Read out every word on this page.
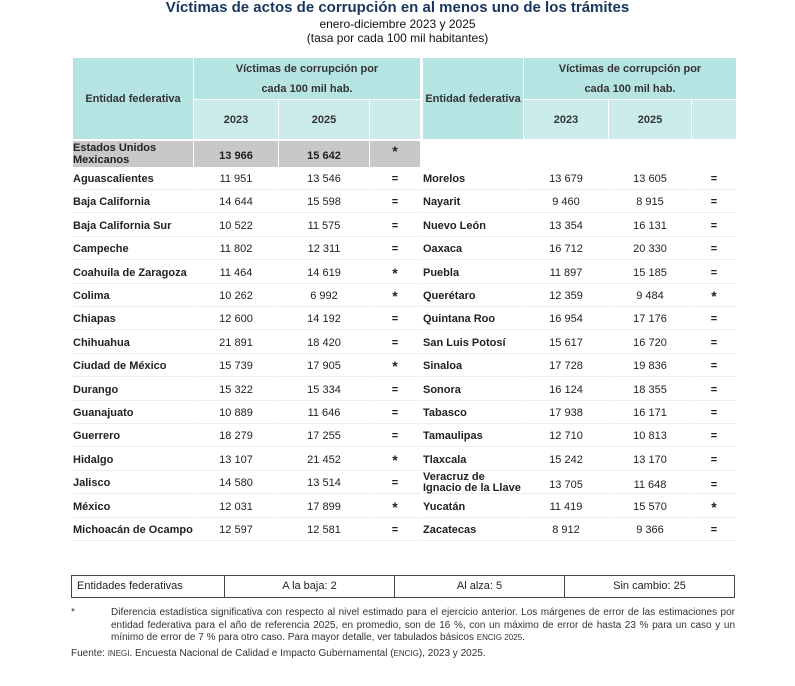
Víctimas de actos de corrupción en al menos uno de los trámites
enero-diciembre 2023 y 2025
(tasa por cada 100 mil habitantes)
Entidad federativa
Víctimas de corrupción por
cada 100 mil hab.
2023	2025
Entidad federativa
Víctimas de corrupción por
cada 100 mil hab.
2023	2025
Estados Unidos
Mexicanos	13 966	15 642	*
Aguascalientes	11 951	13 546	=
Baja California	14 644	15 598	=
Baja California Sur	10 522	11 575	=
Campeche	11 802	12 311	=
Coahuila de Zaragoza	11 464	14 619	*
Colima	10 262	6 992	*
Chiapas	12 600	14 192	=
Chihuahua	21 891	18 420	=
Ciudad de México	15 739	17 905	*
Durango	15 322	15 334	=
Guanajuato	10 889	11 646	=
Guerrero	18 279	17 255	=
Hidalgo	13 107	21 452	*
Jalisco	14 580	13 514	=
México	12 031	17 899	*
Michoacán de Ocampo	12 597	12 581	=
Morelos	13 679	13 605	=
Nayarit	9 460	8 915	=
Nuevo León	13 354	16 131	=
Oaxaca	16 712	20 330	=
Puebla	11 897	15 185	=
Querétaro	12 359	9 484	*
Quintana Roo	16 954	17 176	=
San Luis Potosí	15 617	16 720	=
Sinaloa	17 728	19 836	=
Sonora	16 124	18 355	=
Tabasco	17 938	16 171	=
Tamaulipas	12 710	10 813	=
Tlaxcala	15 242	13 170	=
Veracruz de
Ignacio de la Llave	13 705	11 648	=
Yucatán	11 419	15 570	*
Zacatecas	8 912	9 366	=
Entidades federativas	A la baja: 2	Al alza: 5	Sin cambio: 25
*	Diferencia estadística significativa con respecto al nivel estimado para el ejercicio anterior. Los márgenes de error de las estimaciones por entidad federativa para el año de referencia 2025, en promedio, son de 16 %, con un máximo de error de hasta 23 % para un caso y un mínimo de error de 7 % para otro caso. Para mayor detalle, ver tabulados básicos ENCIG 2025.
Fuente: INEGI. Encuesta Nacional de Calidad e Impacto Gubernamental (ENCIG), 2023 y 2025.
